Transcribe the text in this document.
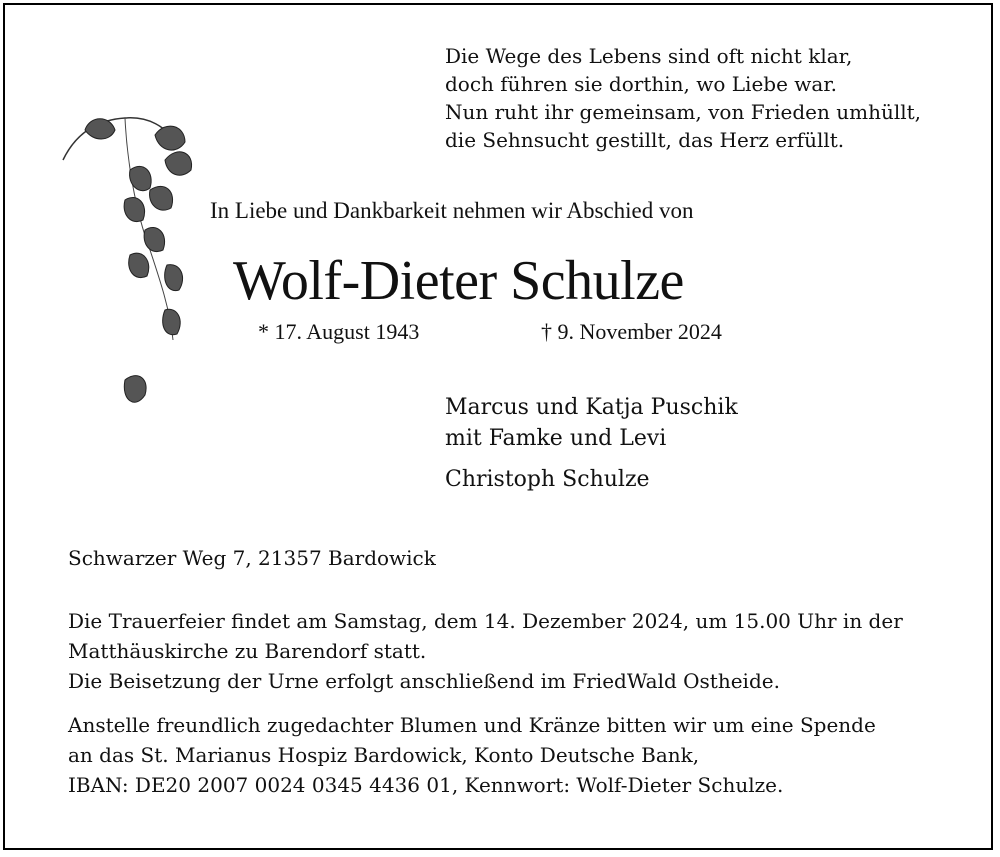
Die Wege des Lebens sind oft nicht klar,
doch führen sie dorthin, wo Liebe war.
Nun ruht ihr gemeinsam, von Frieden umhüllt,
die Sehnsucht gestillt, das Herz erfüllt.
In Liebe und Dankbarkeit nehmen wir Abschied von
Wolf-Dieter Schulze
* 17. August 1943	† 9. November 2024
Marcus und Katja Puschik
mit Famke und Levi
Christoph Schulze
Schwarzer Weg 7, 21357 Bardowick
Die Trauerfeier findet am Samstag, dem 14. Dezember 2024, um 15.00 Uhr in der
Matthäuskirche zu Barendorf statt.
Die Beisetzung der Urne erfolgt anschließend im FriedWald Ostheide.
Anstelle freundlich zugedachter Blumen und Kränze bitten wir um eine Spende
an das St. Marianus Hospiz Bardowick, Konto Deutsche Bank,
IBAN: DE20 2007 0024 0345 4436 01, Kennwort: Wolf-Dieter Schulze.
